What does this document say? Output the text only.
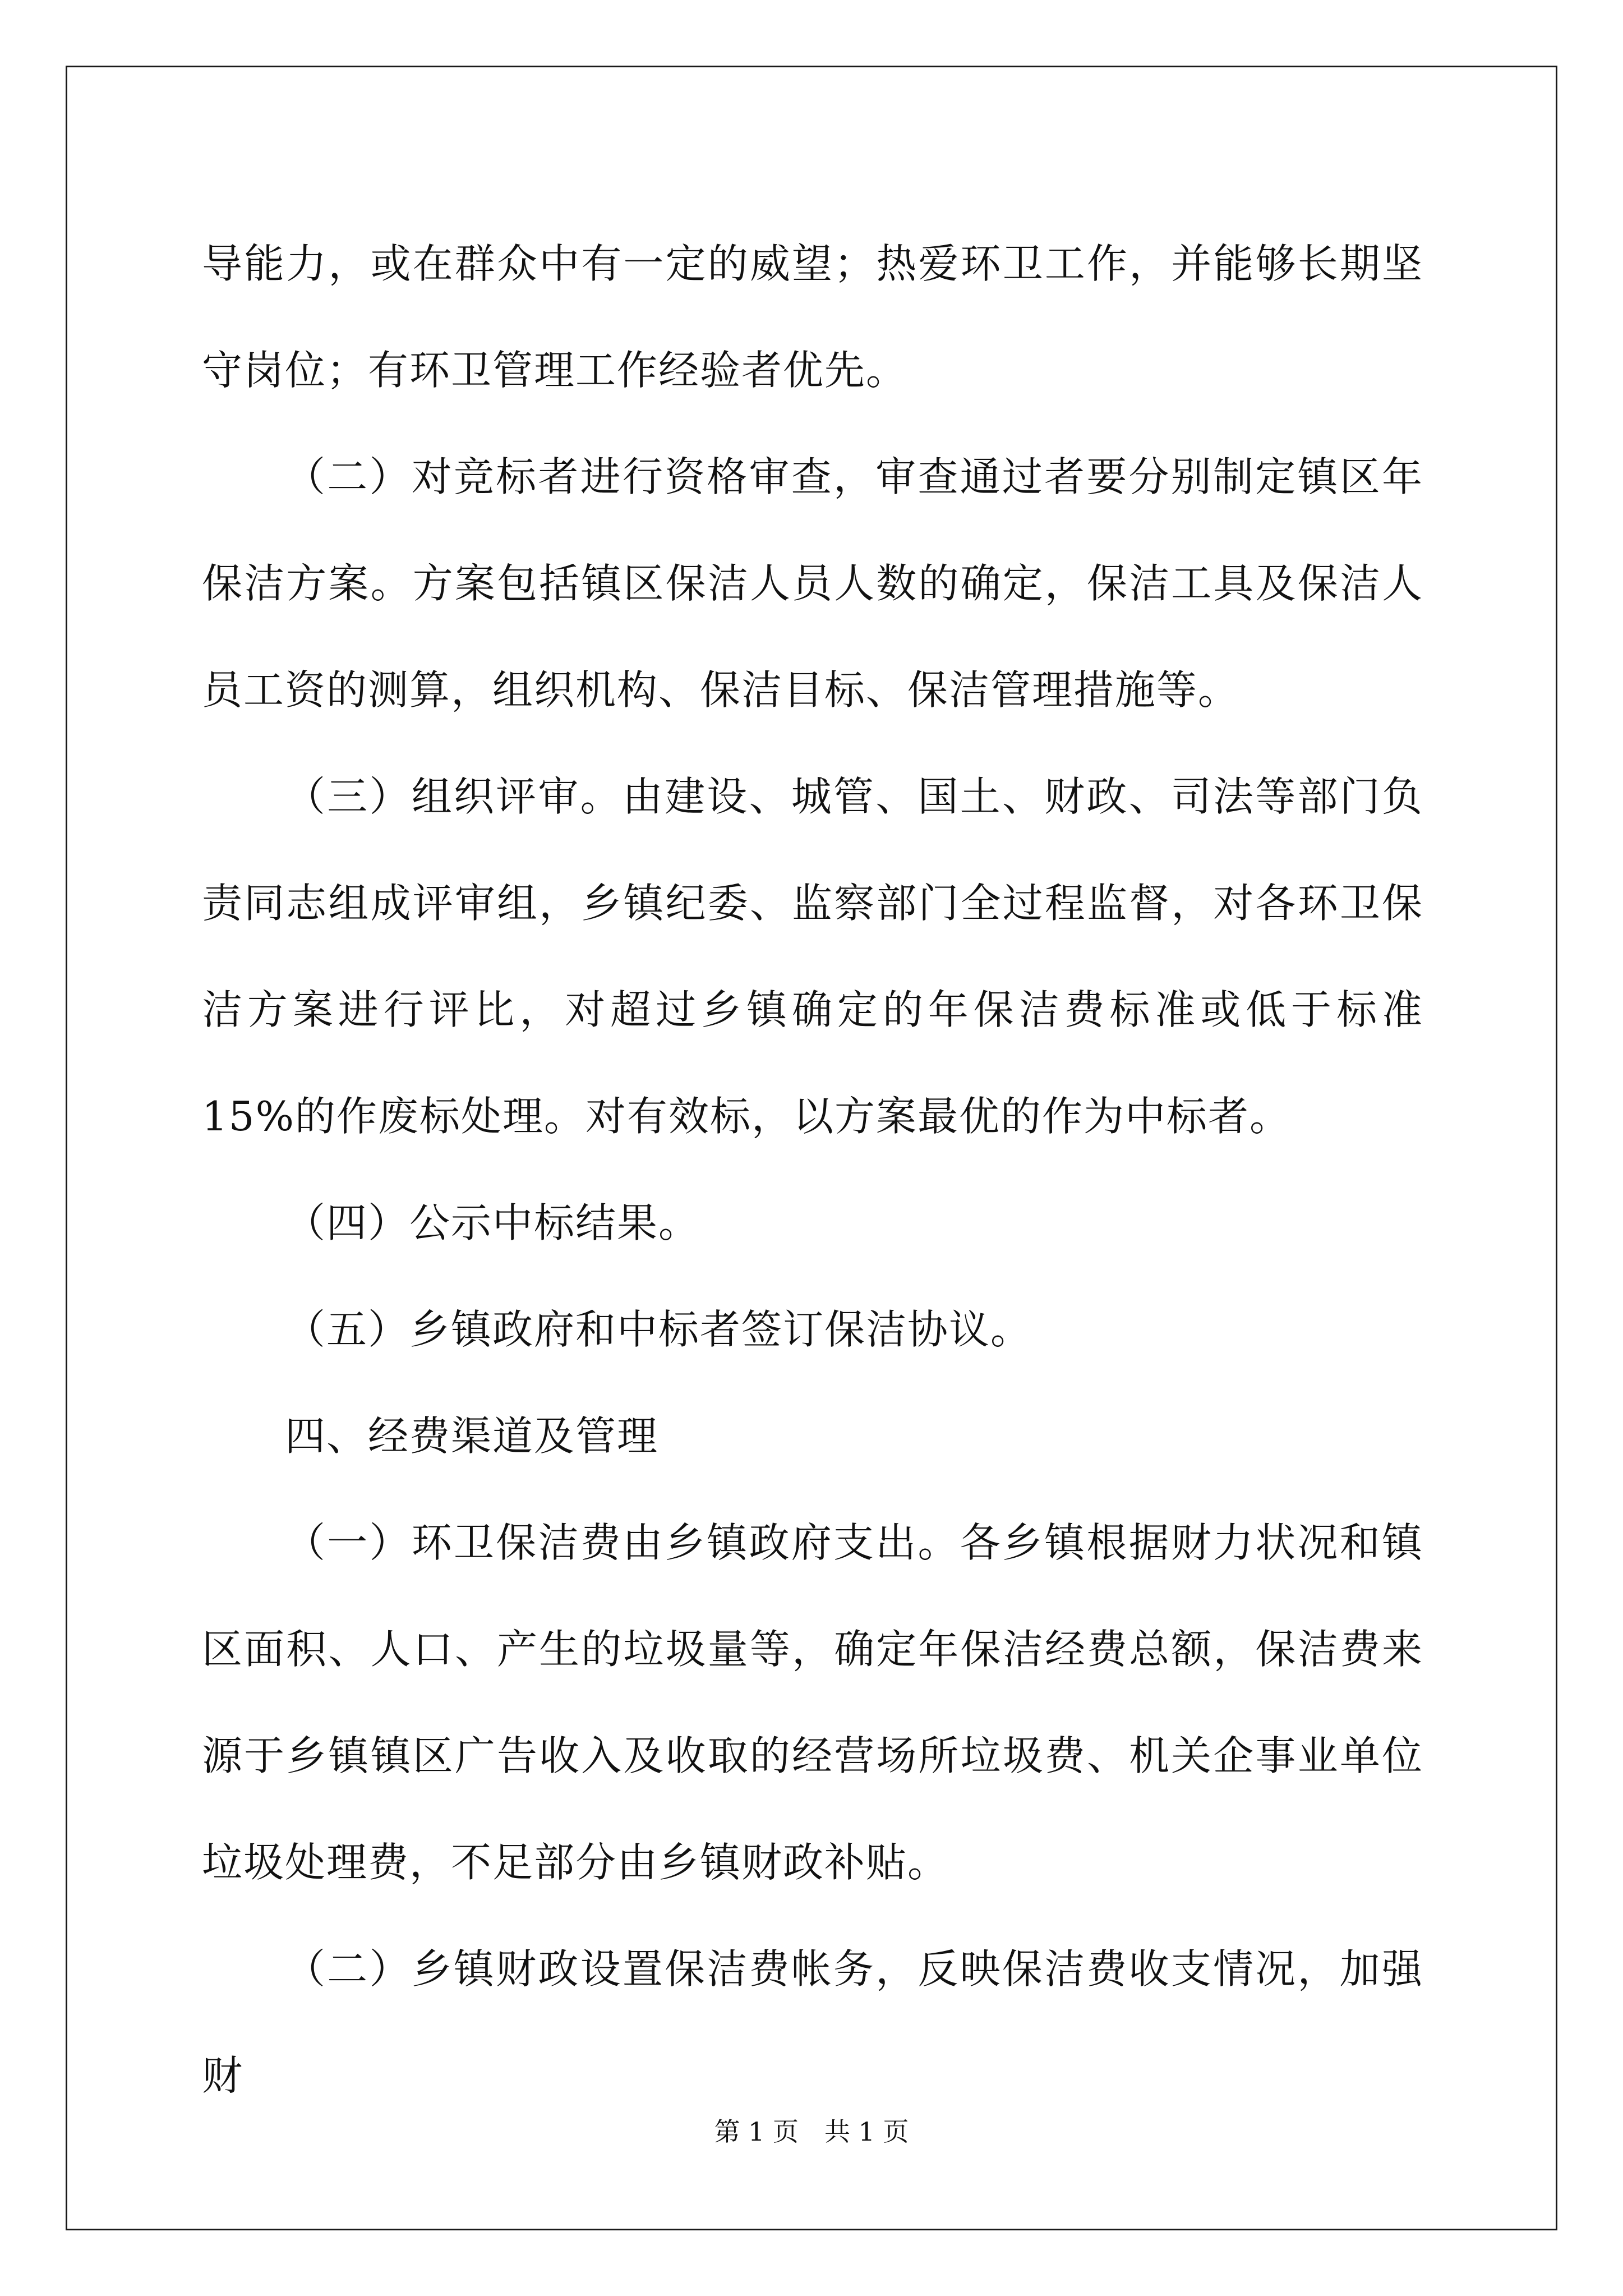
导能力，或在群众中有一定的威望；热爱环卫工作，并能够长期坚守岗位；有环卫管理工作经验者优先。

（二）对竞标者进行资格审查，审查通过者要分别制定镇区年保洁方案。方案包括镇区保洁人员人数的确定，保洁工具及保洁人员工资的测算，组织机构、保洁目标、保洁管理措施等。

（三）组织评审。由建设、城管、国土、财政、司法等部门负责同志组成评审组，乡镇纪委、监察部门全过程监督，对各环卫保洁方案进行评比，对超过乡镇确定的年保洁费标准或低于标准 15%的作废标处理。对有效标，以方案最优的作为中标者。

（四）公示中标结果。

（五）乡镇政府和中标者签订保洁协议。

四、经费渠道及管理

（一）环卫保洁费由乡镇政府支出。各乡镇根据财力状况和镇区面积、人口、产生的垃圾量等，确定年保洁经费总额，保洁费来源于乡镇镇区广告收入及收取的经营场所垃圾费、机关企事业单位垃圾处理费，不足部分由乡镇财政补贴。

（二）乡镇财政设置保洁费帐务，反映保洁费收支情况，加强财

第 1 页　共 1 页
